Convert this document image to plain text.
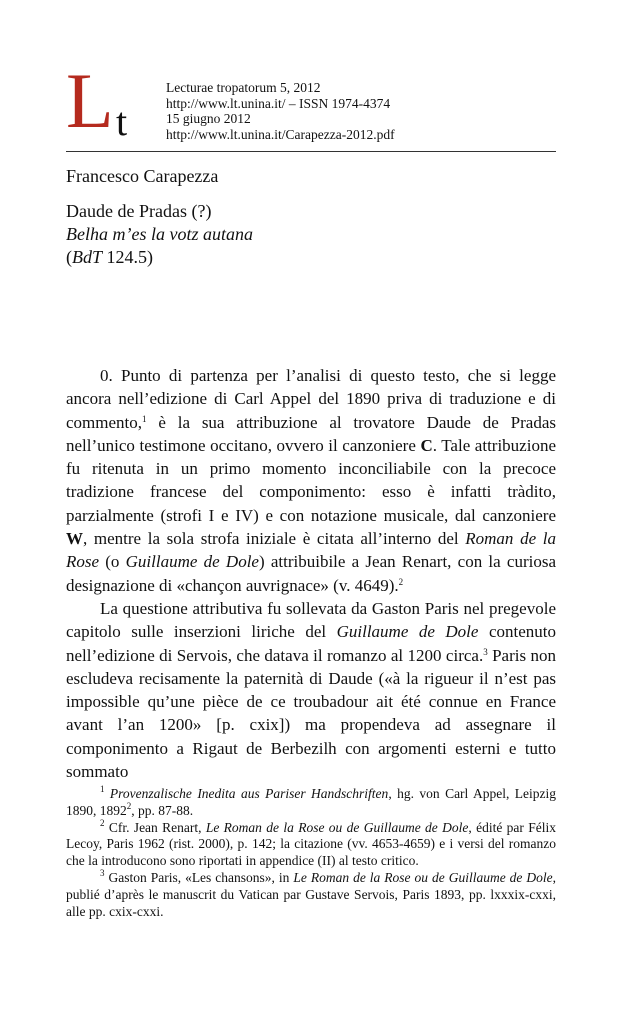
L t
Lecturae tropatorum 5, 2012
http://www.lt.unina.it/ – ISSN 1974-4374
15 giugno 2012
http://www.lt.unina.it/Carapezza-2012.pdf
Francesco Carapezza
Daude de Pradas (?)
Belha m’es la votz autana
(BdT 124.5)

0. Punto di partenza per l’analisi di questo testo, che si legge ancora nell’edizione di Carl Appel del 1890 priva di traduzione e di commento,$^1$ è la sua attribuzione al trovatore Daude de Pradas nell’unico testimone occitano, ovvero il canzoniere C. Tale attribuzione fu ritenuta in un primo momento inconciliabile con la precoce tradizione francese del componimento: esso è infatti tràdito, parzialmente (strofi I e IV) e con notazione musicale, dal canzoniere W, mentre la sola strofa iniziale è citata all’interno del Roman de la Rose (o Guillaume de Dole) attribuibile a Jean Renart, con la curiosa designazione di «chançon auvrignace» (v. 4649).$^2$

La questione attributiva fu sollevata da Gaston Paris nel pregevole capitolo sulle inserzioni liriche del Guillaume de Dole contenuto nell’edizione di Servois, che datava il romanzo al 1200 circa.$^3$ Paris non escludeva recisamente la paternità di Daude («à la rigueur il n’est pas impossible qu’une pièce de ce troubadour ait été connue en France avant l’an 1200» [p. cxix]) ma propendeva ad assegnare il componimento a Rigaut de Berbezilh con argomenti esterni e tutto sommato

$^1$ Provenzalische Inedita aus Pariser Handschriften, hg. von Carl Appel, Leipzig 1890, 1892$^2$, pp. 87-88.

$^2$ Cfr. Jean Renart, Le Roman de la Rose ou de Guillaume de Dole, édité par Félix Lecoy, Paris 1962 (rist. 2000), p. 142; la citazione (vv. 4653-4659) e i versi del romanzo che la introducono sono riportati in appendice (II) al testo critico.

$^3$ Gaston Paris, «Les chansons», in Le Roman de la Rose ou de Guillaume de Dole, publié d’après le manuscrit du Vatican par Gustave Servois, Paris 1893, pp. lxxxix-cxxi, alle pp. cxix-cxxi.
